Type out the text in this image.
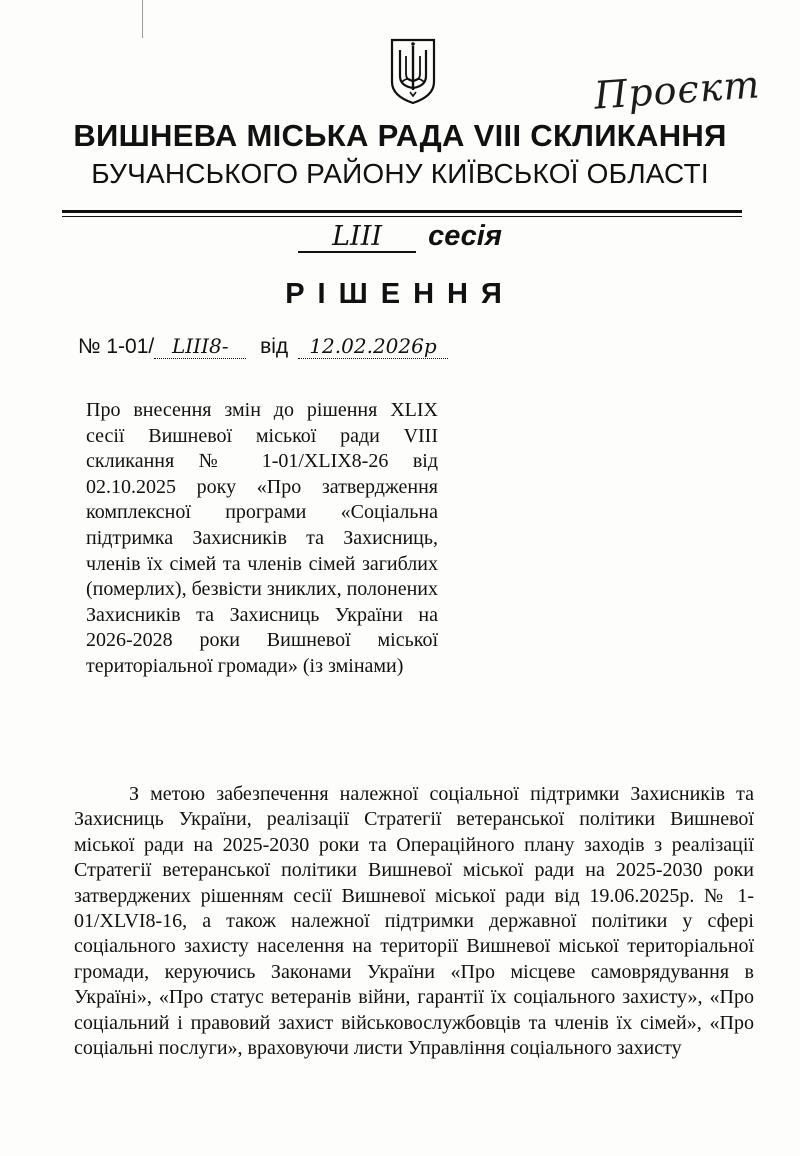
Проєкт
ВИШНЕВА МІСЬКА РАДА VIII СКЛИКАННЯ
БУЧАНСЬКОГО РАЙОНУ КИЇВСЬКОЇ ОБЛАСТІ
LIII сесія
РІШЕННЯ
№ 1-01/ LIII8- від 12.02.2026р
Про внесення змін до рішення XLIX сесії Вишневої міської ради VIII скликання № 1-01/XLIX8-26 від 02.10.2025 року «Про затвердження комплексної програми «Соціальна підтримка Захисників та Захисниць, членів їх сімей та членів сімей загиблих (померлих), безвісти зниклих, полонених Захисників та Захисниць України на 2026-2028 роки Вишневої міської територіальної громади» (із змінами)
З метою забезпечення належної соціальної підтримки Захисників та Захисниць України, реалізації Стратегії ветеранської політики Вишневої міської ради на 2025-2030 роки та Операційного плану заходів з реалізації Стратегії ветеранської політики Вишневої міської ради на 2025-2030 роки затверджених рішенням сесії Вишневої міської ради від 19.06.2025р. № 1-01/XLVI8-16, а також належної підтримки державної політики у сфері соціального захисту населення на території Вишневої міської територіальної громади, керуючись Законами України «Про місцеве самоврядування в Україні», «Про статус ветеранів війни, гарантії їх соціального захисту», «Про соціальний і правовий захист військовослужбовців та членів їх сімей», «Про соціальні послуги», враховуючи листи Управління соціального захисту
